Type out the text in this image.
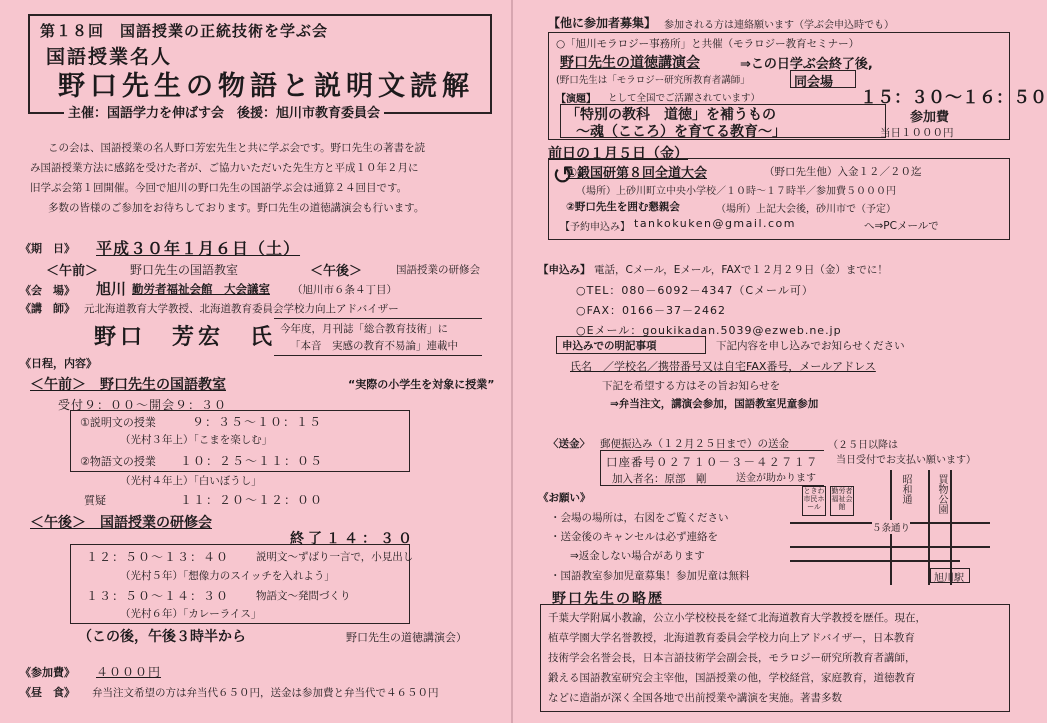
第１８回　国語授業の正統技術を学ぶ会
国語授業名人
野口先生の物語と説明文読解
主催：国語学力を伸ばす会　後援：旭川市教育委員会
この会は、国語授業の名人野口芳宏先生と共に学ぶ会です。野口先生の著書を読
み国語授業方法に感銘を受けた者が、ご協力いただいた先生方と平成１０年２月に
旧学ぶ会第１回開催。今回で旭川の野口先生の国語学ぶ会は通算２４回目です。
多数の皆様のご参加をお待ちしております。野口先生の道徳講演会も行います。
《期　日》 平成３０年１月６日（土）
＜午前＞	野口先生の国語教室	＜午後＞	国語授業の研修会
《会　場》 旭川 勤労者福祉会館　大会議室 （旭川市６条４丁目）
《講　師》 元北海道教育大学教授、北海道教育委員会学校力向上アドバイザー
野口　芳宏　氏 今年度，月刊誌「総合教育技術」に
「本音　実感の教育不易論」連載中
《日程，内容》
＜午前＞　野口先生の国語教室	“実際の小学生を対象に授業”
受付９：００～開会９：３０
①説明文の授業	９：３５～１０：１５
（光村３年上）「こまを楽しむ」
②物語文の授業 １０：２５～１１：０５
（光村４年上）「白いぼうし」
質疑	１１：２０～１２：００
＜午後＞　国語授業の研修会
終了１４：３０
１２：５０～１３：４０	説明文～ずばり一言で，小見出し
（光村５年）「想像力のスイッチを入れよう」
１３：５０～１４：３０	物語文～発問づくり
（光村６年）「カレーライス」
（この後，午後３時半から	野口先生の道徳講演会）
《参加費》 ４０００円
《昼　食》 弁当注文希望の方は弁当代６５０円，送金は参加費と弁当代で４６５０円
【他に参加者募集】 参加される方は連絡願います（学ぶ会申込時でも）
○「旭川モラロジー事務所」と共催（モラロジー教育セミナー）
野口先生の道徳講演会	⇒この日学ぶ会終了後,
(野口先生は「モラロジー研究所教育者講師」	同会場
【演題】 として全国でご活躍されています）	１５：３０～１６：５０
「特別の教科　道徳」を補うもの
～魂（こころ）を育てる教育～」
参加費
当日１０００円
前日の１月５日（金）
↺
①鍛国研第８回全道大会	（野口先生他）入金１２／２０迄
（場所）上砂川町立中央小学校／１０時～１７時半／参加費５０００円
②野口先生を囲む懇親会	（場所）上記大会後，砂川市で（予定）
【予約申込み】 tankokuken@gmail.com	へ⇒PCメールで
【申込み】 電話，Cメール，Eメール，FAXで１２月２９日（金）までに！
○TEL：080－6092－4347（Cメール可）
○FAX：0166－37－2462
○Eメール：goukikadan.5039@ezweb.ne.jp
申込みでの明記事項	下記内容を申し込みでお知らせください
氏名　／学校名／携帯番号又は自宅FAX番号，メールアドレス
下記を希望する方はその旨お知らせを
⇒弁当注文，講演会参加，国語教室児童参加
〈送金〉 郵便振込み（１２月２５日まで）の送金	（２５日以降は
当日受付でお支払い願います）
口座番号０２７１０－３－４２７１７
加入者名：原部　剛	送金が助かります
《お願い》
・会場の場所は，右図をご覧ください
・送金後のキャンセルは必ず連絡を
⇒返金しない場合があります
・国語教室参加児童募集！参加児童は無料
ときわ市民ホール
勤労者福祉会館
昭和通	買物公園
５条通り
旭川駅
野口先生の略歴
千葉大学附属小教諭，公立小学校校長を経て北海道教育大学教授を歴任。現在，
植草学園大学名誉教授，北海道教育委員会学校力向上アドバイザー，日本教育
技術学会名誉会長，日本言語技術学会副会長，モラロジー研究所教育者講師，
鍛える国語教室研究会主宰他，国語授業の他，学校経営，家庭教育，道徳教育
などに造詣が深く全国各地で出前授業や講演を実施。著書多数
